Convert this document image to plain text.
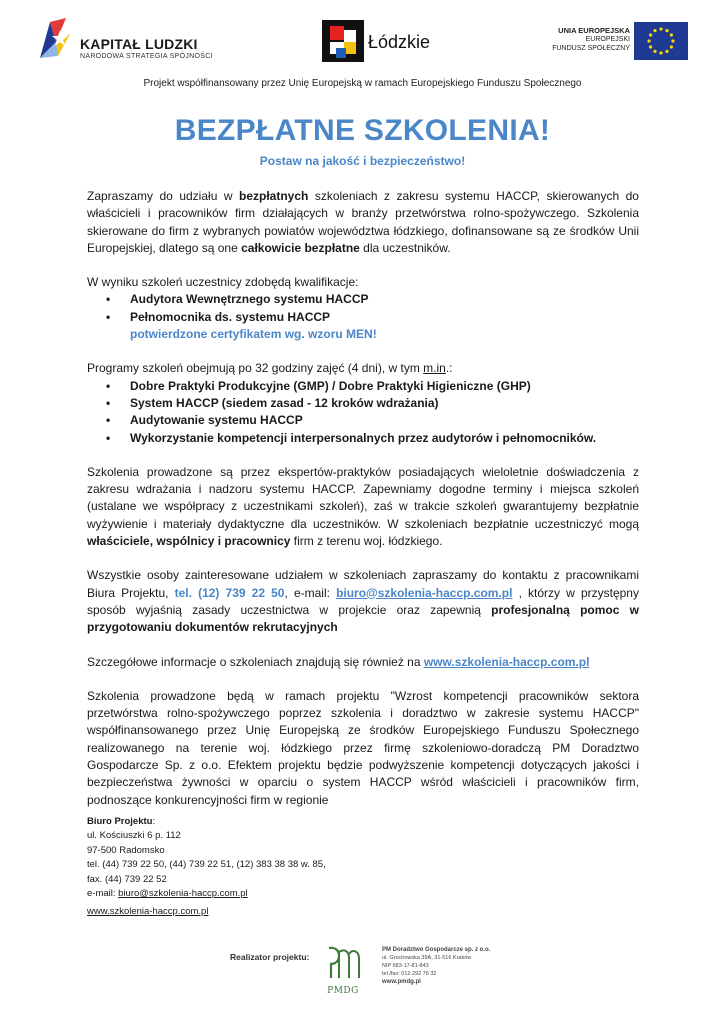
KAPITAŁ LUDZKI
NARODOWA STRATEGIA SPÓJNOŚCI
Łódzkie
UNIA EUROPEJSKA
EUROPEJSKI
FUNDUSZ SPOŁECZNY
Projekt współfinansowany przez Unię Europejską w ramach Europejskiego Funduszu Społecznego
BEZPŁATNE SZKOLENIA!
Postaw na jakość i bezpieczeństwo!

Zapraszamy do udziału w bezpłatnych szkoleniach z zakresu systemu HACCP, skierowanych do właścicieli i pracowników firm działających w branży przetwórstwa rolno-spożywczego. Szkolenia skierowane do firm z wybranych powiatów województwa łódzkiego, dofinansowane są ze środków Unii Europejskiej, dlatego są one całkowicie bezpłatne dla uczestników.

W wyniku szkoleń uczestnicy zdobędą kwalifikacje:

• Audytora Wewnętrznego systemu HACCP
• Pełnomocnika ds. systemu HACCP
potwierdzone certyfikatem wg. wzoru MEN!

Programy szkoleń obejmują po 32 godziny zajęć (4 dni), w tym m.in.:

• Dobre Praktyki Produkcyjne (GMP) / Dobre Praktyki Higieniczne (GHP)
• System HACCP (siedem zasad - 12 kroków wdrażania)
• Audytowanie systemu HACCP
• Wykorzystanie kompetencji interpersonalnych przez audytorów i pełnomocników.

Szkolenia prowadzone są przez ekspertów-praktyków posiadających wieloletnie doświadczenia z zakresu wdrażania i nadzoru systemu HACCP. Zapewniamy dogodne terminy i miejsca szkoleń (ustalane we współpracy z uczestnikami szkoleń), zaś w trakcie szkoleń gwarantujemy bezpłatnie wyżywienie i materiały dydaktyczne dla uczestników. W szkoleniach bezpłatnie uczestniczyć mogą właściciele, wspólnicy i pracownicy firm z terenu woj. łódzkiego.

Wszystkie osoby zainteresowane udziałem w szkoleniach zapraszamy do kontaktu z pracownikami Biura Projektu, tel. (12) 739 22 50, e-mail: biuro@szkolenia-haccp.com.pl , którzy w przystępny sposób wyjaśnią zasady uczestnictwa w projekcie oraz zapewnią profesjonalną pomoc w przygotowaniu dokumentów rekrutacyjnych

Szczegółowe informacje o szkoleniach znajdują się również na www.szkolenia-haccp.com.pl

Szkolenia prowadzone będą w ramach projektu "Wzrost kompetencji pracowników sektora przetwórstwa rolno-spożywczego poprzez szkolenia i doradztwo w zakresie systemu HACCP" współfinansowanego przez Unię Europejską ze środków Europejskiego Funduszu Społecznego realizowanego na terenie woj. łódzkiego przez firmę szkoleniowo-doradczą PM Doradztwo Gospodarcze Sp. z o.o. Efektem projektu będzie podwyższenie kompetencji dotyczących jakości i bezpieczeństwa żywności w oparciu o system HACCP wśród właścicieli i pracowników firm, podnoszące konkurencyjności firm w regionie

Biuro Projektu:
ul. Kościuszki 6 p. 112
97-500 Radomsko
tel. (44) 739 22 50, (44) 739 22 51, (12) 383 38 38 w. 85,
fax. (44) 739 22 52
e-mail: biuro@szkolenia-haccp.com.pl
www.szkolenia-haccp.com.pl
Realizator projektu:
PMDG
PM Doradztwo Gospodarcze sp. z o.o.
ul. Grochowska 39A, 31-516 Kraków
NIP 683-17-81-843
tel./fax: 012 292 76 32
www.pmdg.pl
